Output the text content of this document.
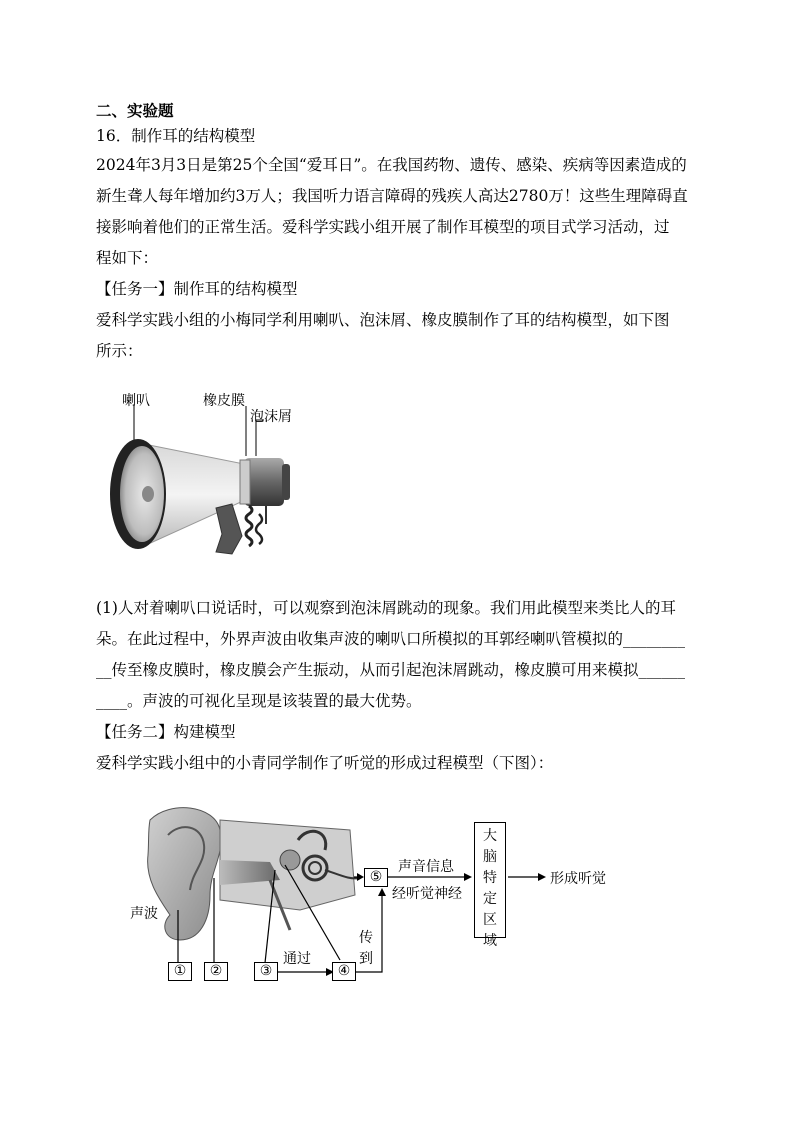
二、实验题
16．制作耳的结构模型
2024年3月3日是第25个全国“爱耳日”。在我国药物、遗传、感染、疾病等因素造成的
新生聋人每年增加约3万人；我国听力语言障碍的残疾人高达2780万！这些生理障碍直
接影响着他们的正常生活。爱科学实践小组开展了制作耳模型的项目式学习活动，过
程如下：
【任务一】制作耳的结构模型
爱科学实践小组的小梅同学利用喇叭、泡沫屑、橡皮膜制作了耳的结构模型，如下图
所示：
喇叭	橡皮膜
泡沫屑
(1)人对着喇叭口说话时，可以观察到泡沫屑跳动的现象。我们用此模型来类比人的耳
朵。在此过程中，外界声波由收集声波的喇叭口所模拟的耳郭经喇叭管模拟的________
__传至橡皮膜时，橡皮膜会产生振动，从而引起泡沫屑跳动，橡皮膜可用来模拟______
____。声波的可视化呈现是该装置的最大优势。
【任务二】构建模型
爱科学实践小组中的小青同学制作了听觉的形成过程模型（下图）：
声波
①	②	③	④
⑤
通过
传到
声音信息
经听觉神经
大脑特定区域
形成听觉
